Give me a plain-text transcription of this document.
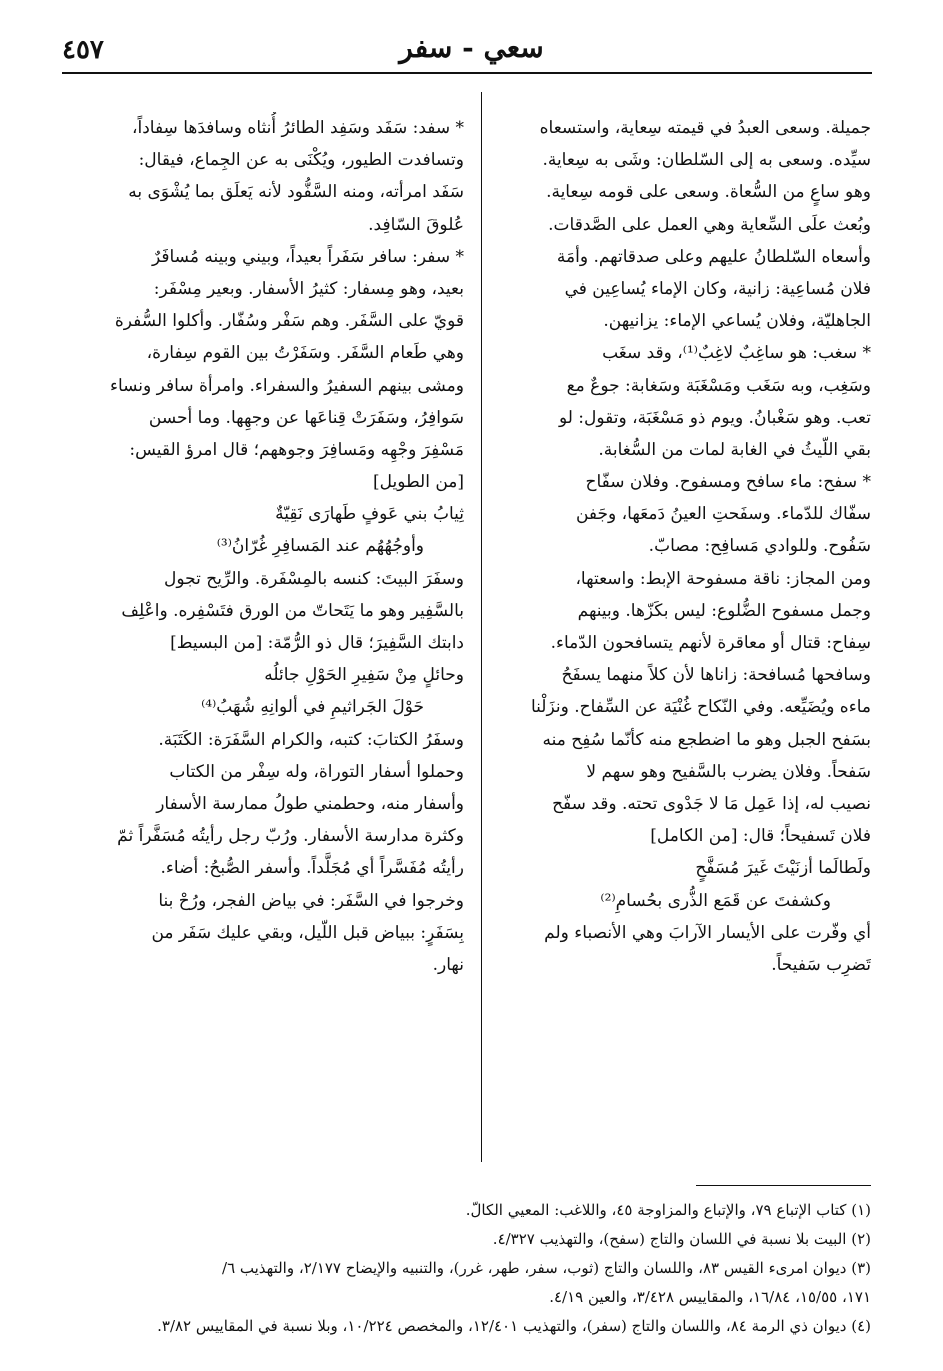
سعي - سفر
٤٥٧
جميلة. وسعى العبدُ في قيمته سِعاية، واستسعاه
سيِّده. وسعى به إلى السّلطان: وشَى به سِعاية.
وهو ساعٍ من السُّعاة. وسعى على قومه سِعاية.
وبُعث علَى السِّعاية وهي العمل على الصَّدقات.
وأسعاه السّلطانُ عليهم وعلى صدقاتهم. وأمَة
فلان مُساعِية: زانية، وكان الإماء يُساعِين في
الجاهليّة، وفلان يُساعي الإماء: يزانيهن.
* سغب: هو ساغِبٌ لاغِبٌ⁽¹⁾، وقد سغَب
وسَغِب، وبه سَغَب ومَسْغَبَة وسَغابة: جوعٌ مع
تعب. وهو سَغْبانُ. ويوم ذو مَسْغَبَة، وتقول: لو
بقي اللّيثُ في الغابة لمات من السُّغابة.
* سفح: ماء سافح ومسفوح. وفلان سفّاح
سفّاك للدّماء. وسفَحتِ العينُ دَمعَها، وجَفن
سَفُوح. وللوادي مَسافِح: مصابّ.
ومن المجاز: ناقة مسفوحة الإبط: واسعتها،
وجمل مسفوح الضُّلوع: ليس بكَزّها. وبينهم
سِفاح: قتال أو معاقرة لأنهم يتسافحون الدّماء.
وسافحها مُسافحة: زاناها لأن كلاً منهما يسفَحُ
ماءه ويُضَيِّعه. وفي النّكاح غُنْيَة عن السِّفاح. ونزَلْنا
بسَفح الجبل وهو ما اضطجع منه كأنّما سُفِح منه
سَفحاً. وفلان يضرب بالسَّفيح وهو سهم لا
نصيب له، إذا عَمِل مَا لا جَدْوى تحته. وقد سفّح
فلان تَسفيحاً؛ قال: [من الكامل]
ولَطالَما أزنَيْتَ غَيرَ مُسَفَّحٍ
وكشفتَ عن قَمَع الذُّرى بحُسامِ⁽²⁾
أي وفّرت على الأيسار الآرابَ وهي الأنصباء ولم
تَضرِب سَفيحاً.
* سفد: سَفَد وسَفِد الطائرُ أُنثاه وسافدَها سِفاداً،
وتسافدت الطيور، ويُكْنَى به عن الجِماع، فيقال:
سَفَد امرأته، ومنه السَّفُّود لأنه يَعلَق بما يُشْوَى به
عُلوقَ السّافِد.
* سفر: سافر سَفَراً بعيداً، وبيني وبينه مُسافَرٌ
بعيد، وهو مِسفار: كثيرُ الأسفار. وبعير مِسْفَر:
قويّ على السَّفَر. وهم سَفْر وسُفّار. وأكلوا السُّفرة
وهي طَعام السَّفَر. وسَفَرْتُ بين القوم سِفارة،
ومشى بينهم السفيرُ والسفراء. وامرأة سافر ونساء
سَوافِرُ، وسَفَرَتْ قِناعَها عن وجهِها. وما أحسن
مَسْفِرَ وجْهِه ومَسافِرَ وجوههم؛ قال امرؤ القيس:
[من الطويل]
ثِيابُ بني عَوفٍ طَهارَى نَقِيّةٌ
وأوجُهُهُم عند المَسافِرِ غُرّانُ⁽³⁾
وسفَرَ البيتَ: كنسه بالمِسْفَرة. والرِّيح تجول
بالسَّفِير وهو ما يَتَحاتّ من الورق فتَسْفِره. واعْلِف
دابتك السَّفِيرَ؛ قال ذو الرُّمّة: [من البسيط]
وحائلٍ مِنْ سَفِيرِ الحَوْلِ جائلُه
حَوْلَ الجَراثيمِ في ألوانِهِ شُهَبُ⁽⁴⁾
وسفَرُ الكتابَ: كتبه، والكرام السَّفَرَة: الكَتَبَة.
وحملوا أسفار التوراة، وله سِفْر من الكتاب
وأسفار منه، وحطمني طولُ ممارسة الأسفار
وكثرة مدارسة الأسفار. ورُبّ رجل رأيتُه مُسَفَّراً ثمّ
رأيتُه مُفَسَّراً أي مُجَلَّداً. وأسفر الصُّبحُ: أضاء.
وخرجوا في السَّفَر: في بياض الفجر، ورُحْ بنا
بِسَفَرٍ: ببياض قبل اللّيل، وبقي عليك سَفَر من
نهار.
(١) كتاب الإتباع ٧٩، والإتباع والمزاوجة ٤٥، واللاغب: المعيي الكالّ.
(٢) البيت بلا نسبة في اللسان والتاج (سفح)، والتهذيب ٤/٣٢٧.
(٣) ديوان امرىء القيس ٨٣، واللسان والتاج (ثوب، سفر، طهر، غرر)، والتنبيه والإيضاح ٢/١٧٧، والتهذيب ٦/
١٧١، ١٥/٥٥، ١٦/٨٤، والمقاييس ٣/٤٢٨، والعين ٤/١٩.
(٤) ديوان ذي الرمة ٨٤، واللسان والتاج (سفر)، والتهذيب ١٢/٤٠١، والمخصص ١٠/٢٢٤، وبلا نسبة في المقاييس ٣/٨٢.
